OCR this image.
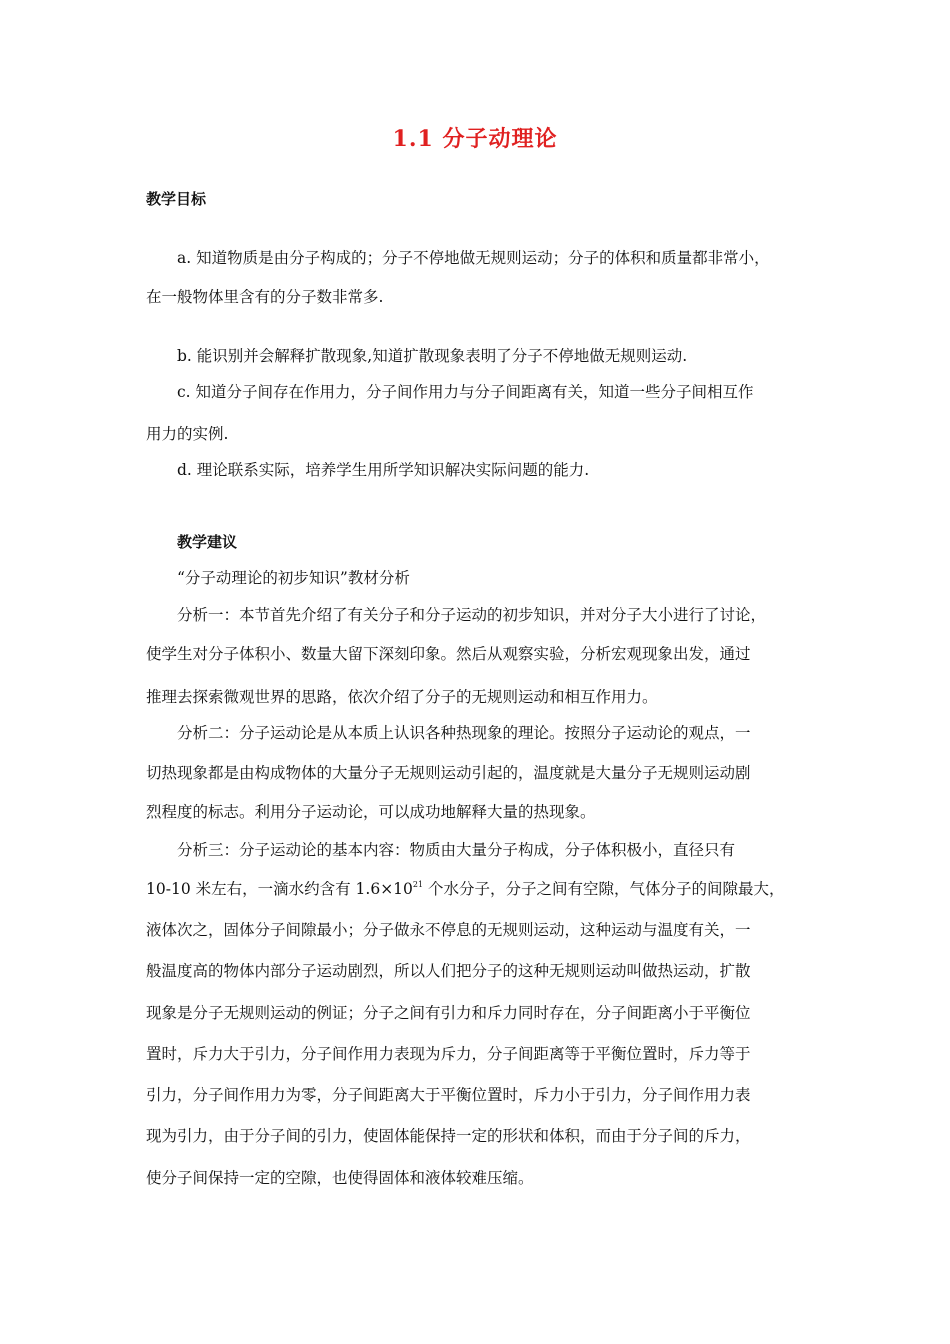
1.1 分子动理论
教学目标
a. 知道物质是由分子构成的；分子不停地做无规则运动；分子的体积和质量都非常小，
在一般物体里含有的分子数非常多.
b. 能识别并会解释扩散现象,知道扩散现象表明了分子不停地做无规则运动.
c. 知道分子间存在作用力，分子间作用力与分子间距离有关，知道一些分子间相互作
用力的实例.
d. 理论联系实际，培养学生用所学知识解决实际问题的能力.
教学建议
“分子动理论的初步知识”教材分析
分析一：本节首先介绍了有关分子和分子运动的初步知识，并对分子大小进行了讨论，
使学生对分子体积小、数量大留下深刻印象。然后从观察实验，分析宏观现象出发，通过
推理去探索微观世界的思路，依次介绍了分子的无规则运动和相互作用力。
分析二：分子运动论是从本质上认识各种热现象的理论。按照分子运动论的观点，一
切热现象都是由构成物体的大量分子无规则运动引起的，温度就是大量分子无规则运动剧
烈程度的标志。利用分子运动论，可以成功地解释大量的热现象。
分析三：分子运动论的基本内容：物质由大量分子构成，分子体积极小，直径只有
10-10 米左右，一滴水约含有 $1.6\times 10^{21}$ 个水分子，分子之间有空隙，气体分子的间隙最大，
液体次之，固体分子间隙最小；分子做永不停息的无规则运动，这种运动与温度有关，一
般温度高的物体内部分子运动剧烈，所以人们把分子的这种无规则运动叫做热运动，扩散
现象是分子无规则运动的例证；分子之间有引力和斥力同时存在，分子间距离小于平衡位
置时，斥力大于引力，分子间作用力表现为斥力，分子间距离等于平衡位置时，斥力等于
引力，分子间作用力为零，分子间距离大于平衡位置时，斥力小于引力，分子间作用力表
现为引力，由于分子间的引力，使固体能保持一定的形状和体积，而由于分子间的斥力，
使分子间保持一定的空隙，也使得固体和液体较难压缩。
